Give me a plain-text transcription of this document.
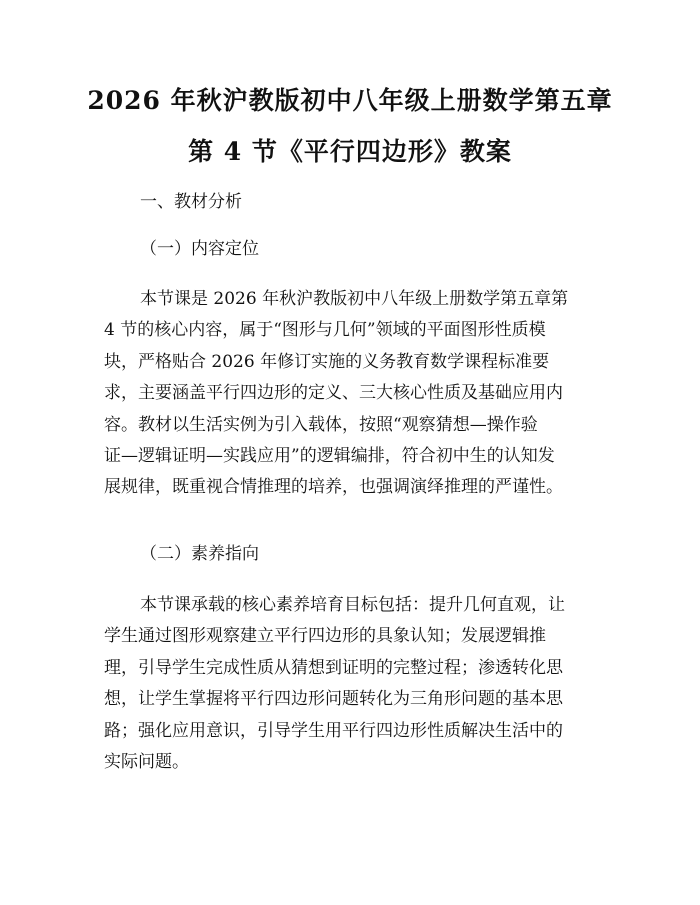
2026 年秋沪教版初中八年级上册数学第五章
第 4 节《平行四边形》教案

一、教材分析

（一）内容定位

本节课是 2026 年秋沪教版初中八年级上册数学第五章第
4 节的核心内容，属于“图形与几何”领域的平面图形性质模
块，严格贴合 2026 年修订实施的义务教育数学课程标准要
求，主要涵盖平行四边形的定义、三大核心性质及基础应用内
容。教材以生活实例为引入载体，按照“观察猜想—操作验
证—逻辑证明—实践应用”的逻辑编排，符合初中生的认知发
展规律，既重视合情推理的培养，也强调演绎推理的严谨性。

（二）素养指向

本节课承载的核心素养培育目标包括：提升几何直观，让
学生通过图形观察建立平行四边形的具象认知；发展逻辑推
理，引导学生完成性质从猜想到证明的完整过程；渗透转化思
想，让学生掌握将平行四边形问题转化为三角形问题的基本思
路；强化应用意识，引导学生用平行四边形性质解决生活中的
实际问题。
